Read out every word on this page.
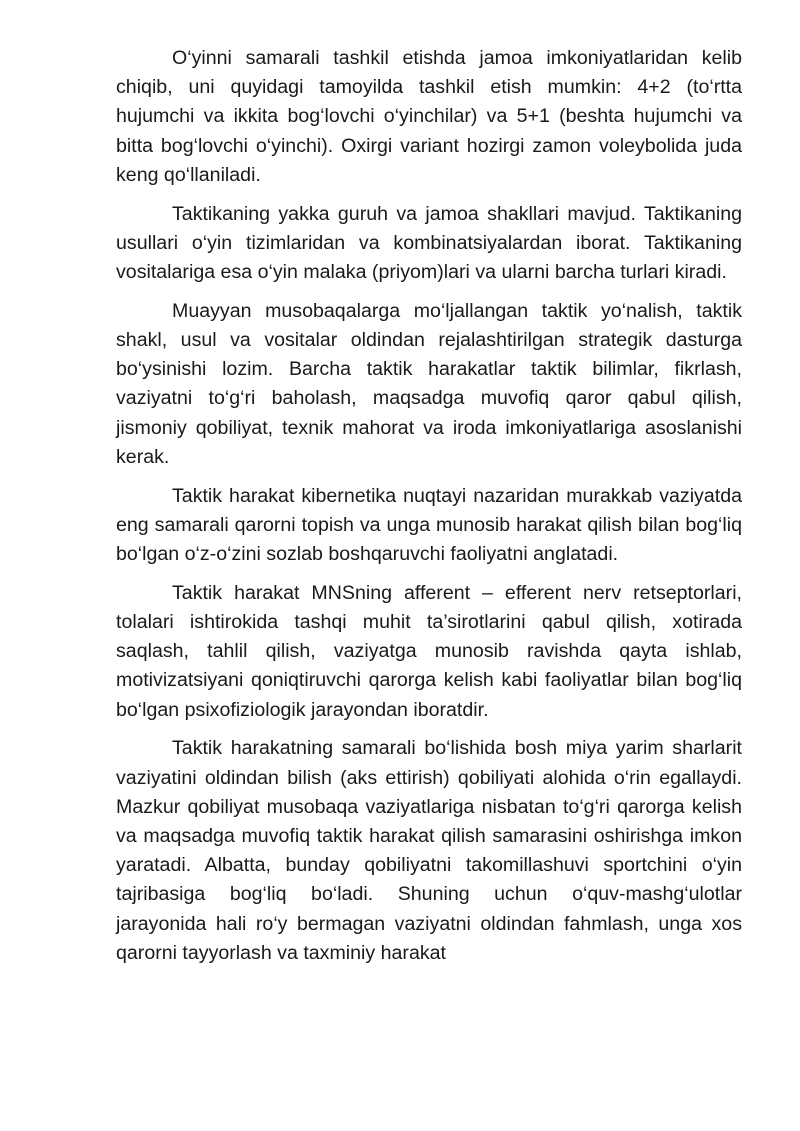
O‘yinni samarali tashkil etishda jamoa imkoniyatlaridan kelib chiqib, uni quyidagi tamoyilda tashkil etish mumkin: 4+2 (to‘rtta hujumchi va ikkita bog‘lovchi o‘yinchilar) va 5+1 (beshta hujumchi va bitta bog‘lovchi o‘yinchi). Oxirgi variant hozirgi zamon voleybolida juda keng qo‘llaniladi.

Taktikaning yakka guruh va jamoa shakllari mavjud. Taktikaning usullari o‘yin tizimlaridan va kombinatsiyalardan iborat. Taktikaning vositalariga esa o‘yin malaka (priyom)lari va ularni barcha turlari kiradi.

Muayyan musobaqalarga mo‘ljallangan taktik yo‘nalish, taktik shakl, usul va vositalar oldindan rejalashtirilgan strategik dasturga bo‘ysinishi lozim. Barcha taktik harakatlar taktik bilimlar, fikrlash, vaziyatni to‘g‘ri baholash, maqsadga muvofiq qaror qabul qilish, jismoniy qobiliyat, texnik mahorat va iroda imkoniyatlariga asoslanishi kerak.

Taktik harakat kibernetika nuqtayi nazaridan murakkab vaziyatda eng samarali qarorni topish va unga munosib harakat qilish bilan bog‘liq bo‘lgan o‘z-o‘zini sozlab boshqaruvchi faoliyatni anglatadi.

Taktik harakat MNSning afferent – efferent nerv retseptorlari, tolalari ishtirokida tashqi muhit ta’sirotlarini qabul qilish, xotirada saqlash, tahlil qilish, vaziyatga munosib ravishda qayta ishlab, motivizatsiyani qoniqtiruvchi qarorga kelish kabi faoliyatlar bilan bog‘liq bo‘lgan psixofiziologik jarayondan iboratdir.

Taktik harakatning samarali bo‘lishida bosh miya yarim sharlarit vaziyatini oldindan bilish (aks ettirish) qobiliyati alohida o‘rin egallaydi. Mazkur qobiliyat musobaqa vaziyatlariga nisbatan to‘g‘ri qarorga kelish va maqsadga muvofiq taktik harakat qilish samarasini oshirishga imkon yaratadi. Albatta, bunday qobiliyatni takomillashuvi sportchini o‘yin tajribasiga bog‘liq bo‘ladi. Shuning uchun o‘quv-mashg‘ulotlar jarayonida hali ro‘y bermagan vaziyatni oldindan fahmlash, unga xos qarorni tayyorlash va taxminiy harakat
